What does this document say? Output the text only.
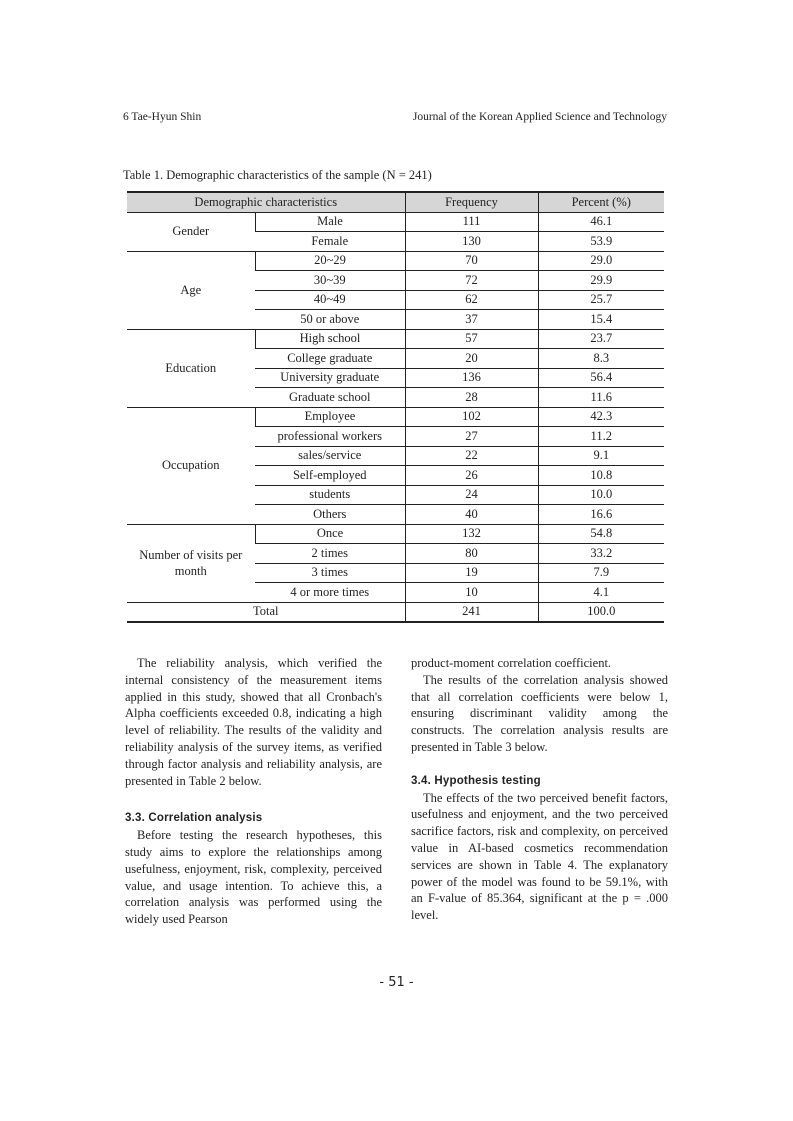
6 Tae-Hyun Shin	Journal of the Korean Applied Science and Technology
Table 1. Demographic characteristics of the sample (N = 241)
Demographic characteristics		Frequency	Percent (%)
Gender	Male	111	46.1
	Female	130	53.9
Age	20~29	70	29.0
	30~39	72	29.9
	40~49	62	25.7
	50 or above	37	15.4
Education	High school	57	23.7
	College graduate	20	8.3
	University graduate	136	56.4
	Graduate school	28	11.6
Occupation	Employee	102	42.3
	professional workers	27	11.2
	sales/service	22	9.1
	Self-employed	26	10.8
	students	24	10.0
	Others	40	16.6
Number of visits per month	Once	132	54.8
	2 times	80	33.2
	3 times	19	7.9
	4 or more times	10	4.1
Total		241	100.0

The reliability analysis, which verified the internal consistency of the measurement items applied in this study, showed that all Cronbach's Alpha coefficients exceeded 0.8, indicating a high level of reliability. The results of the validity and reliability analysis of the survey items, as verified through factor analysis and reliability analysis, are presented in Table 2 below.

3.3. Correlation analysis

Before testing the research hypotheses, this study aims to explore the relationships among usefulness, enjoyment, risk, complexity, perceived value, and usage intention. To achieve this, a correlation analysis was performed using the widely used Pearson

product-moment correlation coefficient.

The results of the correlation analysis showed that all correlation coefficients were below 1, ensuring discriminant validity among the constructs. The correlation analysis results are presented in Table 3 below.

3.4. Hypothesis testing

The effects of the two perceived benefit factors, usefulness and enjoyment, and the two perceived sacrifice factors, risk and complexity, on perceived value in AI-based cosmetics recommendation services are shown in Table 4. The explanatory power of the model was found to be 59.1%, with an F-value of 85.364, significant at the p = .000 level.

- 51 -
